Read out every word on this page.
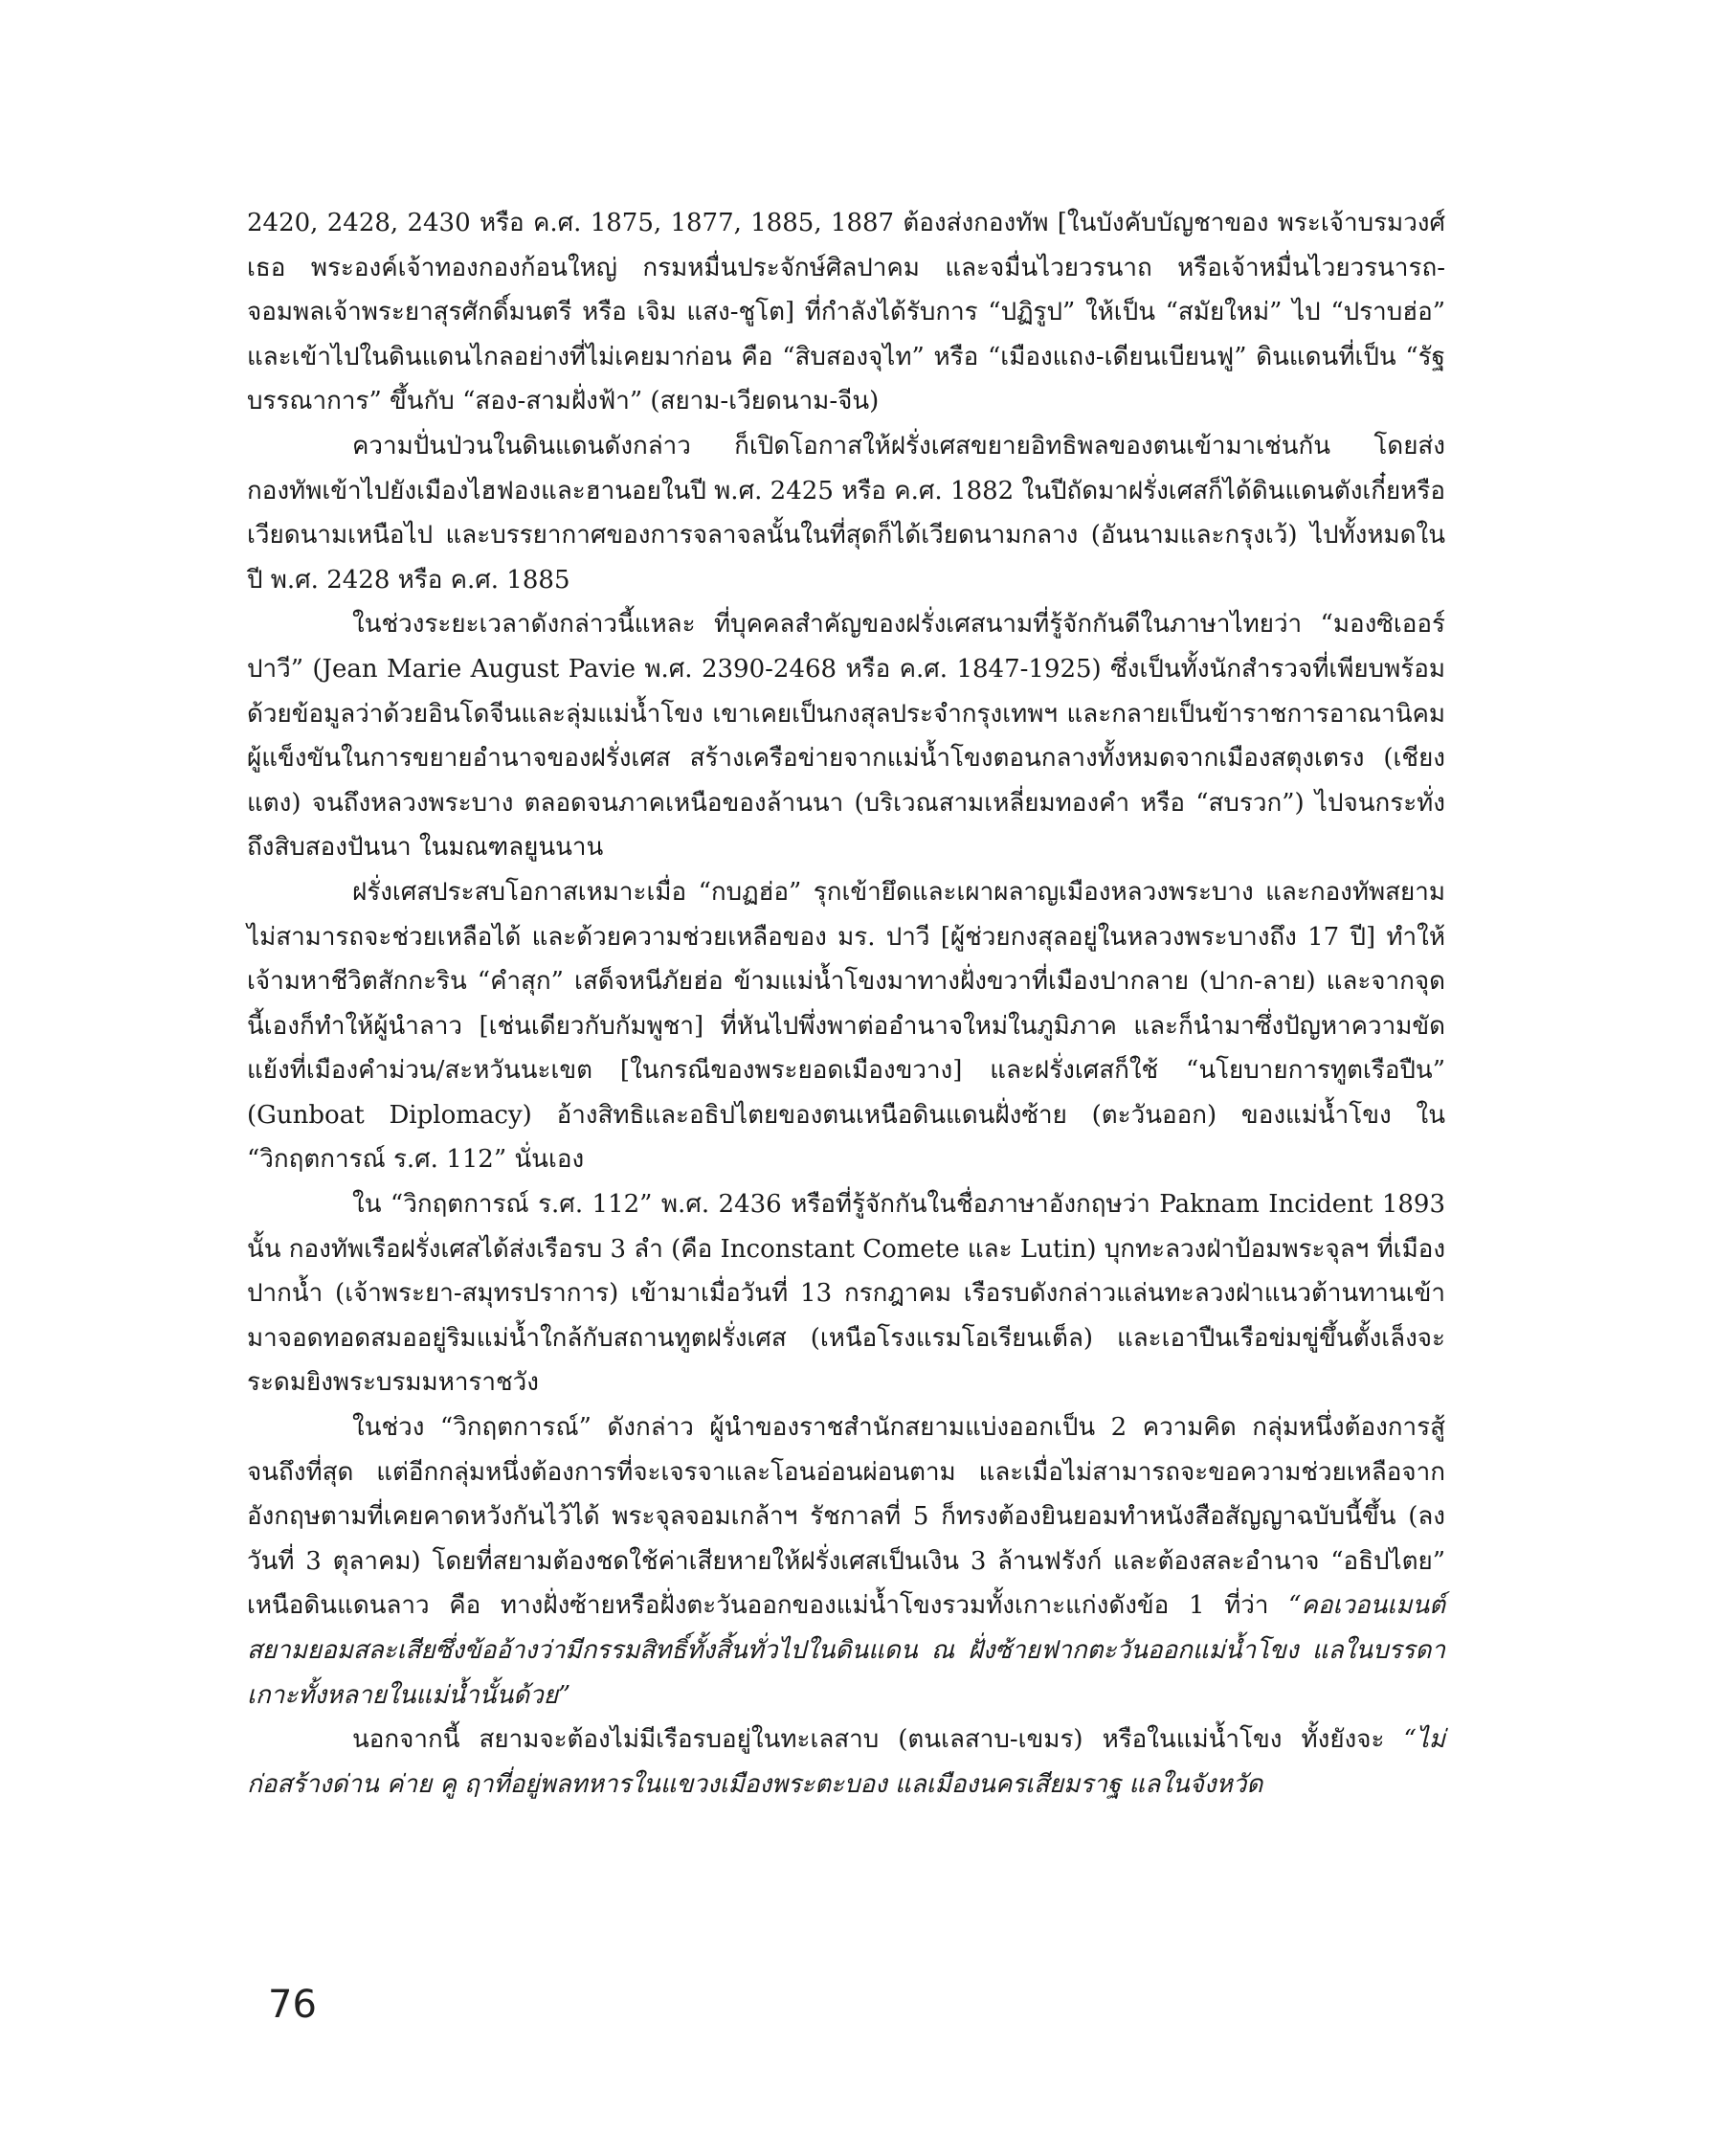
2420, 2428, 2430 หรือ ค.ศ. 1875, 1877, 1885, 1887 ต้องส่งกองทัพ [ในบังคับบัญชาของ พระเจ้าบรมวงศ์เธอ พระองค์เจ้าทองกองก้อนใหญ่ กรมหมื่นประจักษ์ศิลปาคม และจมื่นไวยวรนาถ หรือเจ้าหมื่นไวยวรนารถ-จอมพลเจ้าพระยาสุรศักดิ์มนตรี หรือ เจิม แสง-ชูโต] ที่กำลังได้รับการ “ปฏิรูป” ให้เป็น “สมัยใหม่” ไป “ปราบฮ่อ” และเข้าไปในดินแดนไกลอย่างที่ไม่เคยมาก่อน คือ “สิบสองจุไท” หรือ “เมืองแถง-เดียนเบียนฟู” ดินแดนที่เป็น “รัฐบรรณาการ” ขึ้นกับ “สอง-สามฝั่งฟ้า” (สยาม-เวียดนาม-จีน)

ความปั่นป่วนในดินแดนดังกล่าว ก็เปิดโอกาสให้ฝรั่งเศสขยายอิทธิพลของตนเข้ามาเช่นกัน โดยส่งกองทัพเข้าไปยังเมืองไฮฟองและฮานอยในปี พ.ศ. 2425 หรือ ค.ศ. 1882 ในปีถัดมาฝรั่งเศสก็ได้ดินแดนตังเกี๋ยหรือเวียดนามเหนือไป และบรรยากาศของการจลาจลนั้นในที่สุดก็ได้เวียดนามกลาง (อันนามและกรุงเว้) ไปทั้งหมดในปี พ.ศ. 2428 หรือ ค.ศ. 1885

ในช่วงระยะเวลาดังกล่าวนี้แหละ ที่บุคคลสำคัญของฝรั่งเศสนามที่รู้จักกันดีในภาษาไทยว่า “มองซิเออร์ปาวี” (Jean Marie August Pavie พ.ศ. 2390-2468 หรือ ค.ศ. 1847-1925) ซึ่งเป็นทั้งนักสำรวจที่เพียบพร้อมด้วยข้อมูลว่าด้วยอินโดจีนและลุ่มแม่น้ำโขง เขาเคยเป็นกงสุลประจำกรุงเทพฯ และกลายเป็นข้าราชการอาณานิคมผู้แข็งขันในการขยายอำนาจของฝรั่งเศส สร้างเครือข่ายจากแม่น้ำโขงตอนกลางทั้งหมดจากเมืองสตุงเตรง (เชียงแตง) จนถึงหลวงพระบาง ตลอดจนภาคเหนือของล้านนา (บริเวณสามเหลี่ยมทองคำ หรือ “สบรวก”) ไปจนกระทั่งถึงสิบสองปันนา ในมณฑลยูนนาน

ฝรั่งเศสประสบโอกาสเหมาะเมื่อ “กบฏฮ่อ” รุกเข้ายึดและเผาผลาญเมืองหลวงพระบาง และกองทัพสยามไม่สามารถจะช่วยเหลือได้ และด้วยความช่วยเหลือของ มร. ปาวี [ผู้ช่วยกงสุลอยู่ในหลวงพระบางถึง 17 ปี] ทำให้เจ้ามหาชีวิตสักกะริน “คำสุก” เสด็จหนีภัยฮ่อ ข้ามแม่น้ำโขงมาทางฝั่งขวาที่เมืองปากลาย (ปาก-ลาย) และจากจุดนี้เองก็ทำให้ผู้นำลาว [เช่นเดียวกับกัมพูชา] ที่หันไปพึ่งพาต่ออำนาจใหม่ในภูมิภาค และก็นำมาซึ่งปัญหาความขัดแย้งที่เมืองคำม่วน/สะหวันนะเขต [ในกรณีของพระยอดเมืองขวาง] และฝรั่งเศสก็ใช้ “นโยบายการทูตเรือปืน” (Gunboat Diplomacy) อ้างสิทธิและอธิปไตยของตนเหนือดินแดนฝั่งซ้าย (ตะวันออก) ของแม่น้ำโขง ใน “วิกฤตการณ์ ร.ศ. 112” นั่นเอง

ใน “วิกฤตการณ์ ร.ศ. 112” พ.ศ. 2436 หรือที่รู้จักกันในชื่อภาษาอังกฤษว่า Paknam Incident 1893 นั้น กองทัพเรือฝรั่งเศสได้ส่งเรือรบ 3 ลำ (คือ Inconstant Comete และ Lutin) บุกทะลวงฝ่าป้อมพระจุลฯ ที่เมืองปากน้ำ (เจ้าพระยา-สมุทรปราการ) เข้ามาเมื่อวันที่ 13 กรกฎาคม เรือรบดังกล่าวแล่นทะลวงฝ่าแนวต้านทานเข้ามาจอดทอดสมออยู่ริมแม่น้ำใกล้กับสถานทูตฝรั่งเศส (เหนือโรงแรมโอเรียนเต็ล) และเอาปืนเรือข่มขู่ขึ้นตั้งเล็งจะระดมยิงพระบรมมหาราชวัง

ในช่วง “วิกฤตการณ์” ดังกล่าว ผู้นำของราชสำนักสยามแบ่งออกเป็น 2 ความคิด กลุ่มหนึ่งต้องการสู้จนถึงที่สุด แต่อีกกลุ่มหนึ่งต้องการที่จะเจรจาและโอนอ่อนผ่อนตาม และเมื่อไม่สามารถจะขอความช่วยเหลือจากอังกฤษตามที่เคยคาดหวังกันไว้ได้ พระจุลจอมเกล้าฯ รัชกาลที่ 5 ก็ทรงต้องยินยอมทำหนังสือสัญญาฉบับนี้ขึ้น (ลงวันที่ 3 ตุลาคม) โดยที่สยามต้องชดใช้ค่าเสียหายให้ฝรั่งเศสเป็นเงิน 3 ล้านฟรังก์ และต้องสละอำนาจ “อธิปไตย” เหนือดินแดนลาว คือ ทางฝั่งซ้ายหรือฝั่งตะวันออกของแม่น้ำโขงรวมทั้งเกาะแก่งดังข้อ 1 ที่ว่า “คอเวอนเมนต์สยามยอมสละเสียซึ่งข้ออ้างว่ามีกรรมสิทธิ์ทั้งสิ้นทั่วไปในดินแดน ณ ฝั่งซ้ายฟากตะวันออกแม่น้ำโขง แลในบรรดาเกาะทั้งหลายในแม่น้ำนั้นด้วย”

นอกจากนี้ สยามจะต้องไม่มีเรือรบอยู่ในทะเลสาบ (ตนเลสาบ-เขมร) หรือในแม่น้ำโขง ทั้งยังจะ “ไม่ก่อสร้างด่าน ค่าย คู ฤาที่อยู่พลทหารในแขวงเมืองพระตะบอง แลเมืองนครเสียมราฐ แลในจังหวัด

76
